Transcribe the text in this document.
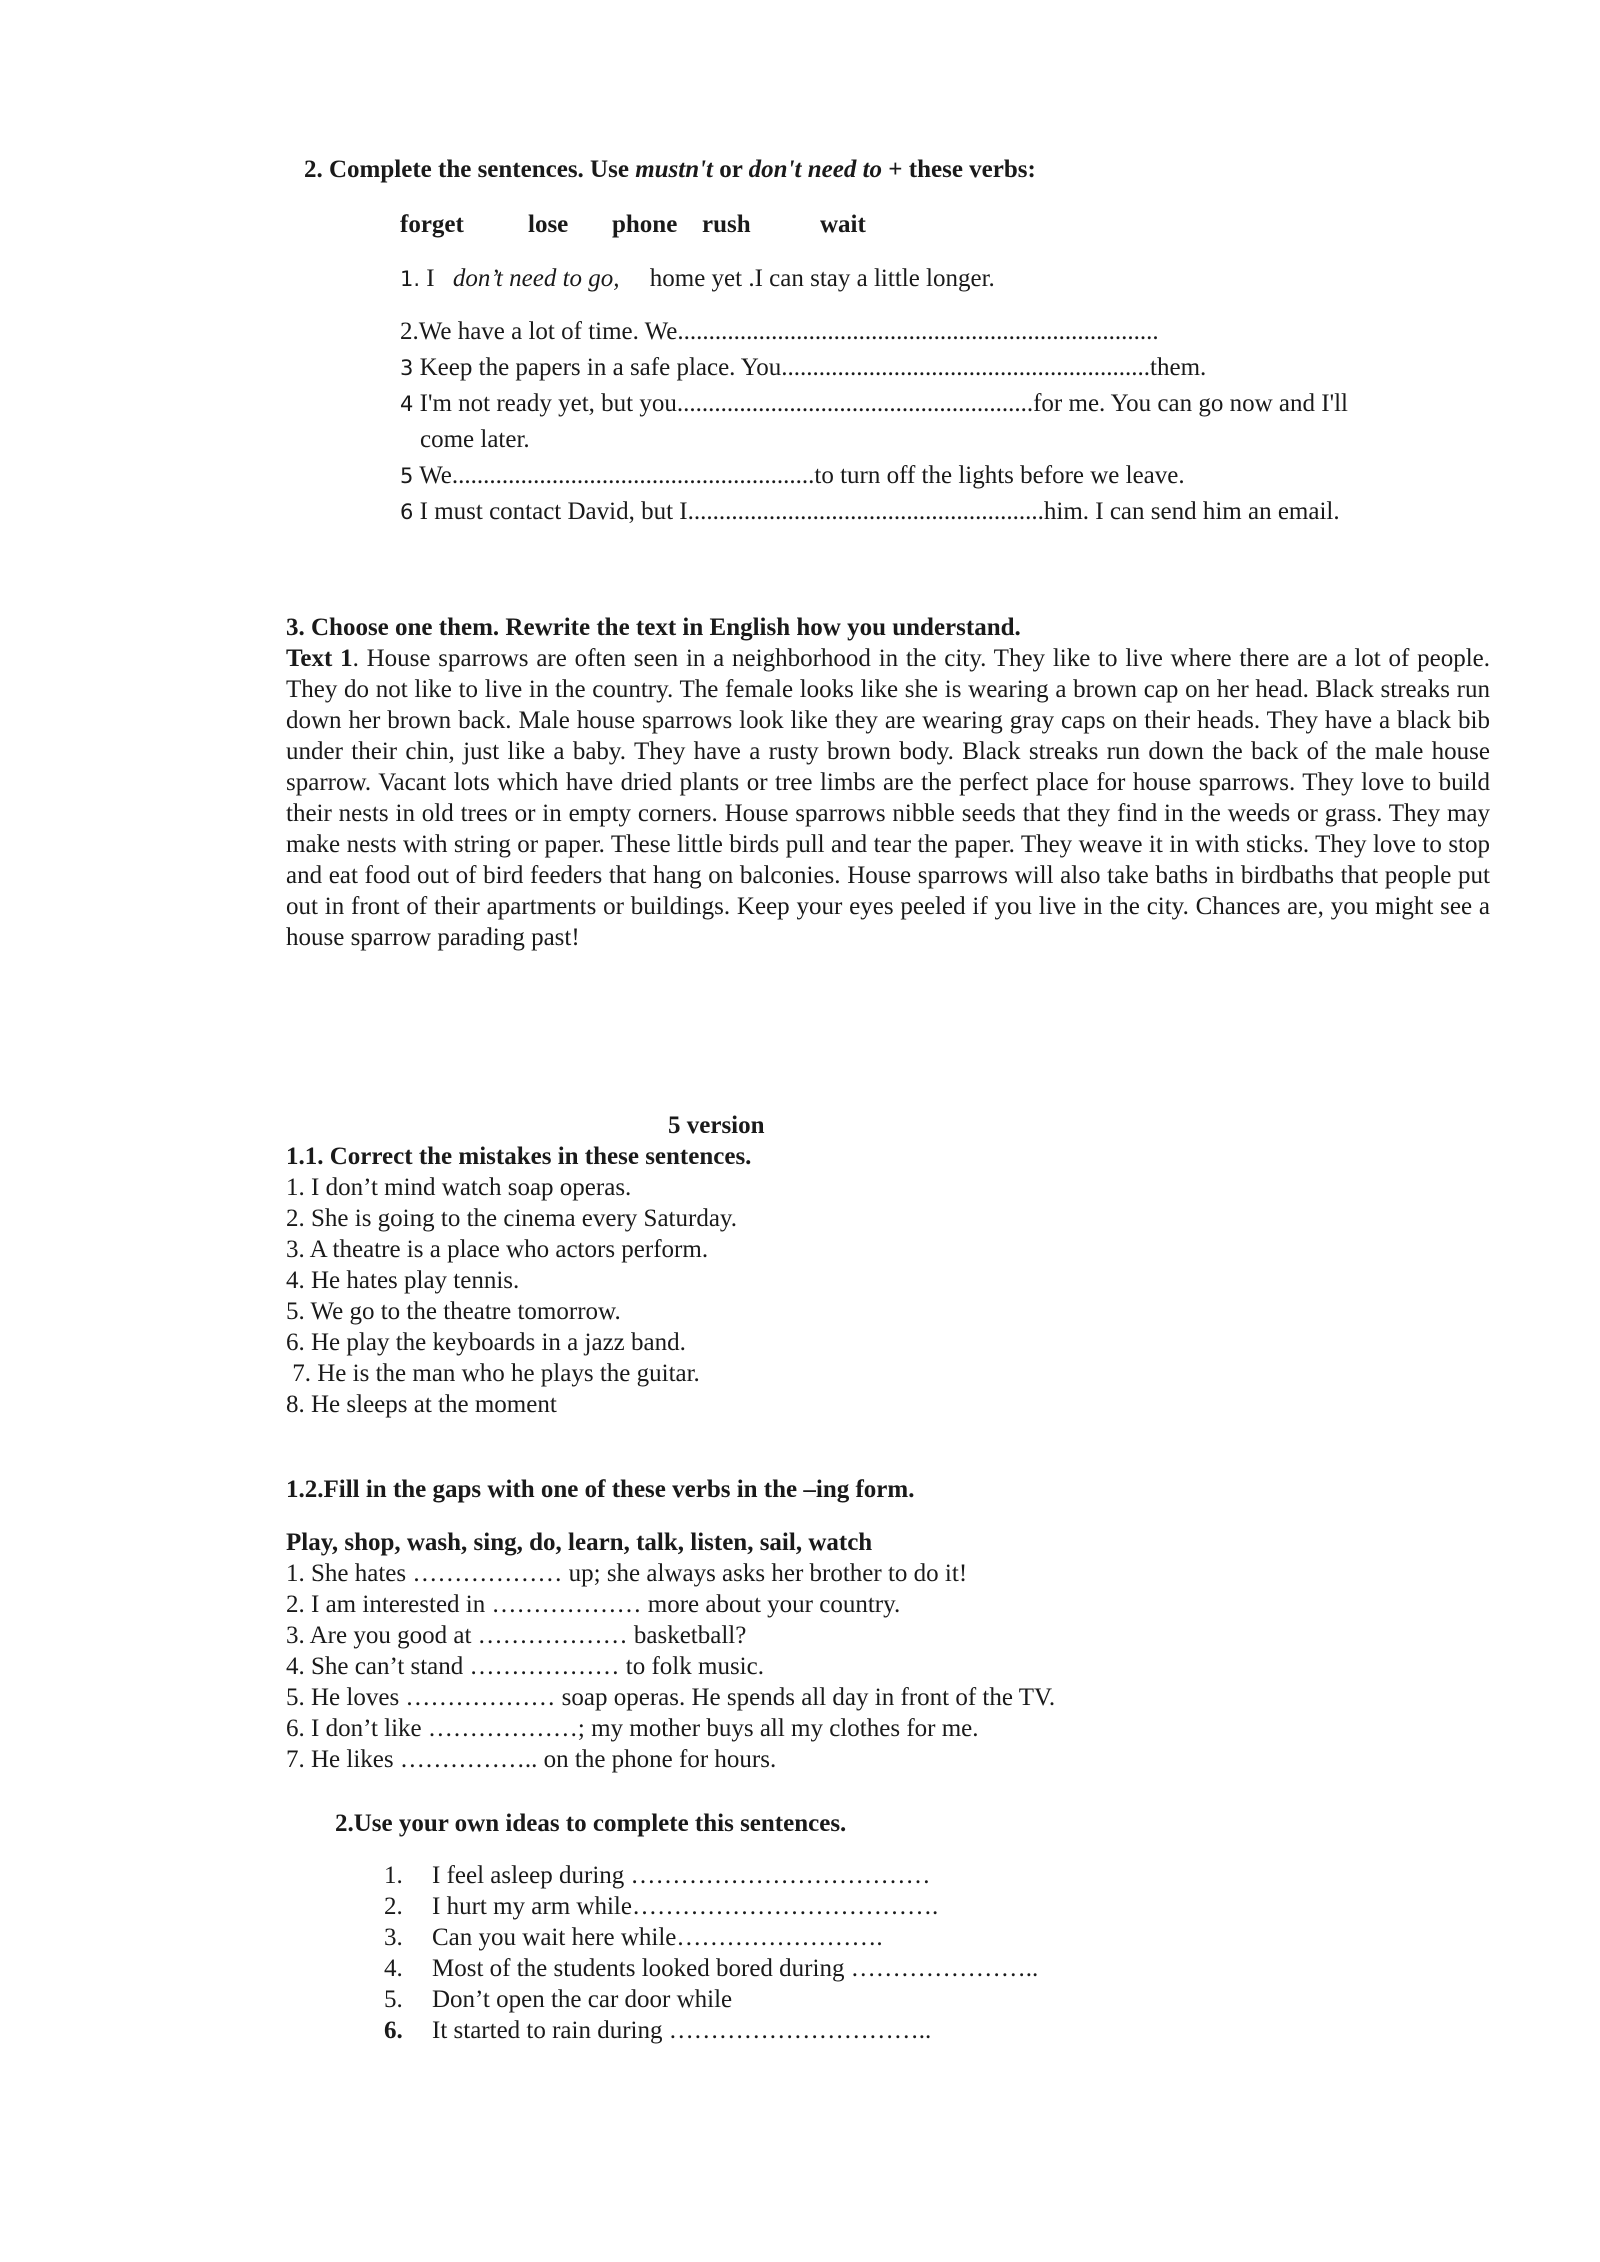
2. Complete the sentences. Use mustn't or don't need to + these verbs:
forget	lose phone rush	wait
1. I don’t need to go, home yet .I can stay a little longer.
2.We have a lot of time. We.............................................................................
3 Keep the papers in a safe place. You...........................................................them.
4 I'm not ready yet, but you.........................................................for me. You can go now and I'll
come later.
5 We..........................................................to turn off the lights before we leave.
6 I must contact David, but I.........................................................him. I can send him an email.
3. Choose one them. Rewrite the text in English how you understand.
Text 1. House sparrows are often seen in a neighborhood in the city. They like to live where there are a lot of people. They do not like to live in the country. The female looks like she is wearing a brown cap on her head. Black streaks run down her brown back. Male house sparrows look like they are wearing gray caps on their heads. They have a black bib under their chin, just like a baby. They have a rusty brown body. Black streaks run down the back of the male house sparrow. Vacant lots which have dried plants or tree limbs are the perfect place for house sparrows. They love to build their nests in old trees or in empty corners. House sparrows nibble seeds that they find in the weeds or grass. They may make nests with string or paper. These little birds pull and tear the paper. They weave it in with sticks. They love to stop and eat food out of bird feeders that hang on balconies. House sparrows will also take baths in birdbaths that people put out in front of their apartments or buildings. Keep your eyes peeled if you live in the city. Chances are, you might see a house sparrow parading past!
5 version
1.1. Correct the mistakes in these sentences.
1. I don’t mind watch soap operas.
2. She is going to the cinema every Saturday.
3. A theatre is a place who actors perform.
4. He hates play tennis.
5. We go to the theatre tomorrow.
6. He play the keyboards in a jazz band.
7. He is the man who he plays the guitar.
8. He sleeps at the moment
1.2.Fill in the gaps with one of these verbs in the –ing form.
Play, shop, wash, sing, do, learn, talk, listen, sail, watch
1. She hates ……………… up; she always asks her brother to do it!
2. I am interested in ……………… more about your country.
3. Are you good at ……………… basketball?
4. She can’t stand ……………… to folk music.
5. He loves ……………… soap operas. He spends all day in front of the TV.
6. I don’t like ………………; my mother buys all my clothes for me.
7. He likes …………….. on the phone for hours.
2.Use your own ideas to complete this sentences.
1.	I feel asleep during ………………………………
2.	I hurt my arm while……………………………….
3.	Can you wait here while…………………….
4.	Most of the students looked bored during …………………..
5.	Don’t open the car door while
6.	It started to rain during …………………………..
